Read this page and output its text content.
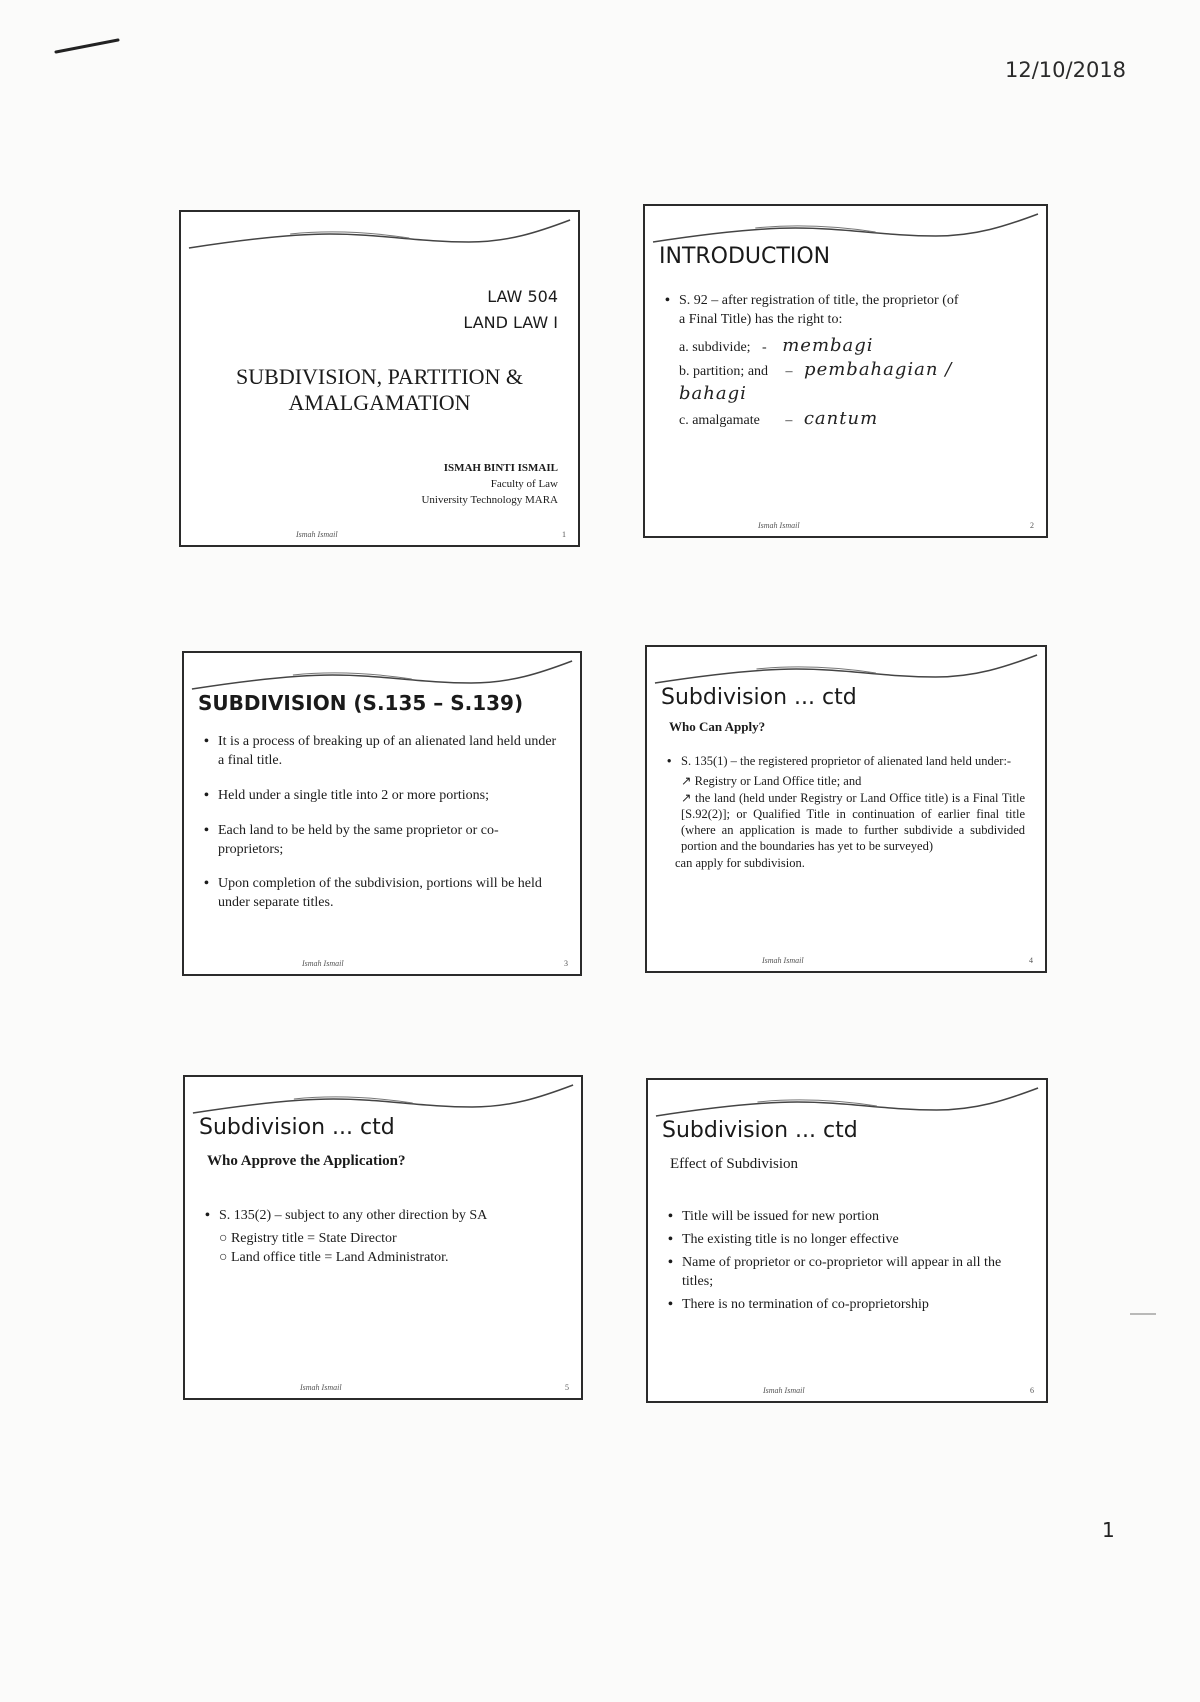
12/10/2018
1
LAW 504
LAND LAW I
SUBDIVISION, PARTITION &
AMALGAMATION
ISMAH BINTI ISMAIL
Faculty of Law
University Technology MARA
Ismah Ismail	1
INTRODUCTION
• S. 92 – after registration of title, the proprietor (of
a Final Title) has the right to:
a. subdivide; - membagi
b. partition; and – pembahagian / bahagi
c. amalgamate – cantum
Ismah Ismail	2
SUBDIVISION (S.135 – S.139)
• It is a process of breaking up of an alienated land held under a final title.
• Held under a single title into 2 or more portions;
• Each land to be held by the same proprietor or co-proprietors;
• Upon completion of the subdivision, portions will be held under separate titles.
Ismah Ismail	3
Subdivision ... ctd
Who Can Apply?
• S. 135(1) – the registered proprietor of alienated land held under:-
↗ Registry or Land Office title; and
↗ the land (held under Registry or Land Office title) is a Final Title [S.92(2)]; or Qualified Title in continuation of earlier final title (where an application is made to further subdivide a subdivided portion and the boundaries has yet to be surveyed)
can apply for subdivision.
Ismah Ismail	4
Subdivision ... ctd
Who Approve the Application?
• S. 135(2) – subject to any other direction by SA
○ Registry title = State Director
○ Land office title = Land Administrator.
Ismah Ismail	5
Subdivision ... ctd
Effect of Subdivision
• Title will be issued for new portion
• The existing title is no longer effective
• Name of proprietor or co-proprietor will appear in all the titles;
• There is no termination of co-proprietorship
Ismah Ismail	6
